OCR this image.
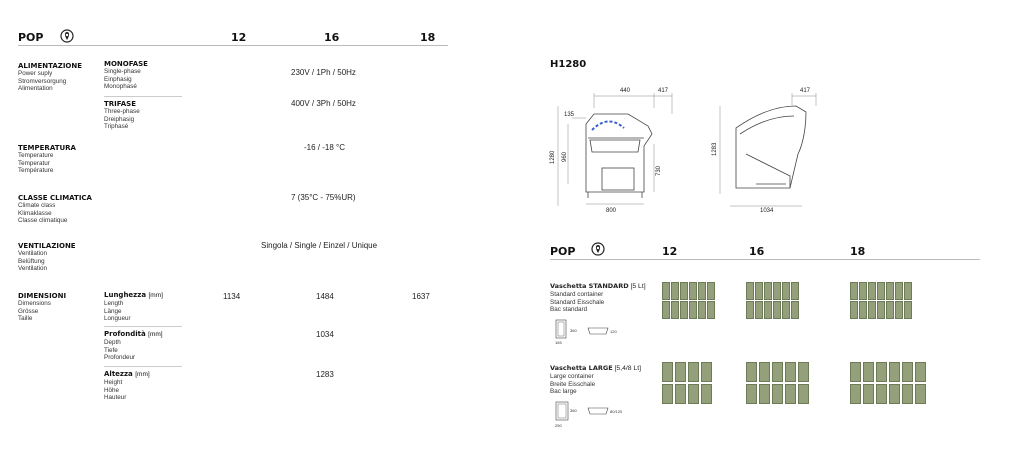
POP	12	16	18
ALIMENTAZIONE
Power suply
Stromversorgung
Alimentation
MONOFASE
Single-phase
Einphasig
Monophasé
230V / 1Ph / 50Hz
TRIFASE
Three-phase
Dreiphasig
Triphasé
400V / 3Ph / 50Hz
TEMPERATURA
Temperature
Temperatur
Température
-16 / -18 °C
CLASSE CLIMATICA
Climate class
Klimaklasse
Classe climatique
7 (35°C - 75%UR)
VENTILAZIONE
Ventilation
Belüftung
Ventilation
Singola / Single / Einzel / Unique
DIMENSIONI
Dimensions
Grösse
Taille
Lunghezza [mm]
Length
Länge
Longueur
1134	1484	1637
Profondità [mm]
Depth
Tiefe
Profondeur
1034
Altezza [mm]
Height
Höhe
Hauteur
1283
H1280
440	417
135
1280 960
730
800
417
1283
1034
POP	12	16	18
Vaschetta STANDARD [5 Lt]
Standard container
Standard Eisschale
Bac standard
165
360	120
Vaschetta LARGE [5,4/8 Lt]
Large container
Breite Eisschale
Bac large
250
360	80/120
